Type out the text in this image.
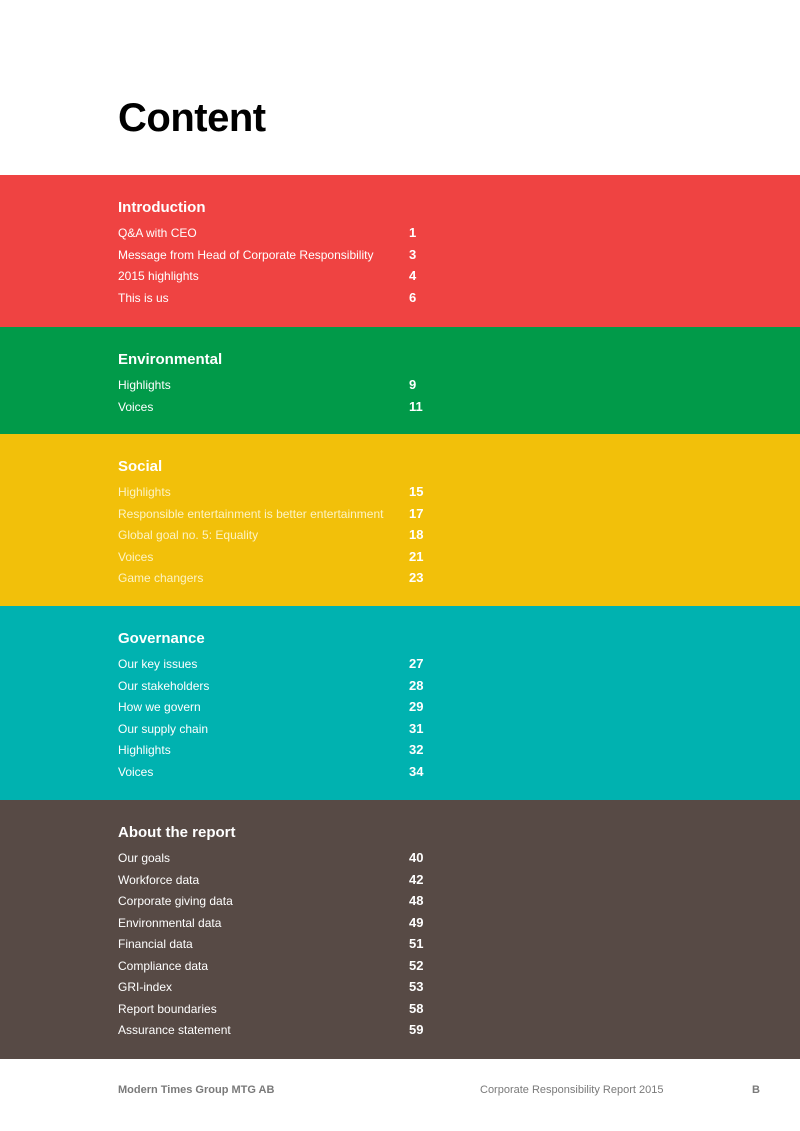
Content
Introduction
Q&A with CEO	1
Message from Head of Corporate Responsibility	3
2015 highlights	4
This is us	6
Environmental
Highlights	9
Voices	11
Social
Highlights	15
Responsible entertainment is better entertainment 17
Global goal no. 5: Equality	18
Voices	21
Game changers	23
Governance
Our key issues	27
Our stakeholders	28
How we govern	29
Our supply chain	31
Highlights	32
Voices	34
About the report
Our goals	40
Workforce data	42
Corporate giving data	48
Environmental data	49
Financial data	51
Compliance data	52
GRI-index	53
Report boundaries	58
Assurance statement	59
Modern Times Group MTG AB	Corporate Responsibility Report 2015	B
